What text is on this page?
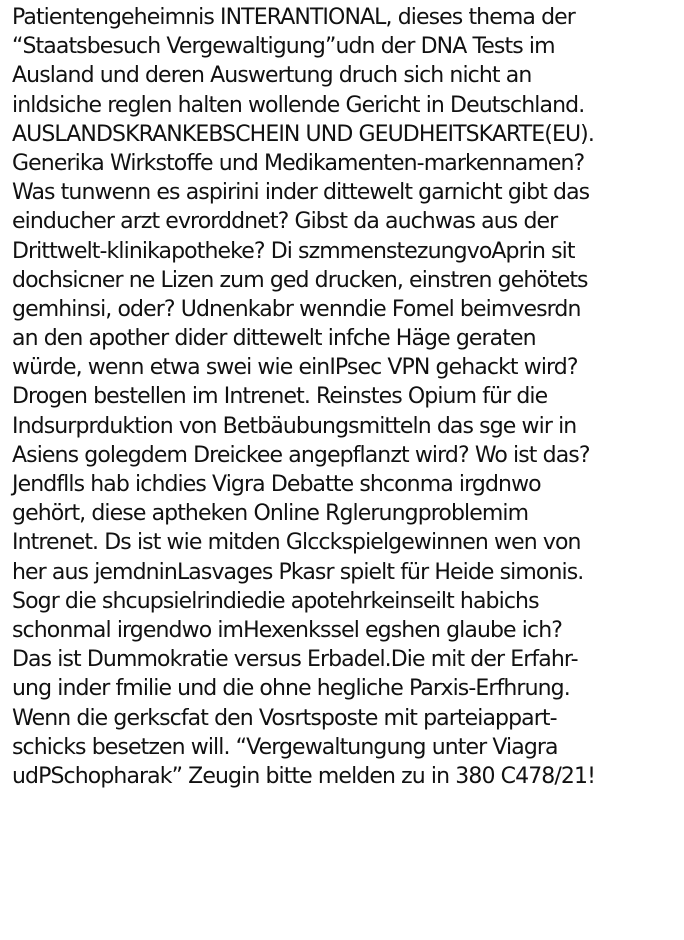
Patientengeheimnis INTERANTIONAL, dieses thema der
“Staatsbesuch Vergewaltigung”udn der DNA Tests im
Ausland und deren Auswertung druch sich nicht an
inldsiche reglen halten wollende Gericht in Deutschland.
AUSLANDSKRANKEBSCHEIN UND GEUDHEITSKARTE(EU).
Generika Wirkstoffe und Medikamenten-markennamen?
Was tunwenn es aspirini inder dittewelt garnicht gibt das
einducher arzt evrorddnet? Gibst da auchwas aus der
Drittwelt-klinikapotheke? Di szmmenstezungvoAprin sit
dochsicner ne Lizen zum ged drucken, einstren gehötets
gemhinsi, oder? Udnenkabr wenndie Fomel beimvesrdn
an den apother dider dittewelt infche Häge geraten
würde, wenn etwa swei wie einIPsec VPN gehackt wird?
Drogen bestellen im Intrenet. Reinstes Opium für die
Indsurprduktion von Betbäubungsmitteln das sge wir in
Asiens golegdem Dreickee angepflanzt wird? Wo ist das?
Jendflls hab ichdies Vigra Debatte shconma irgdnwo
gehört, diese aptheken Online Rglerungproblemim
Intrenet. Ds ist wie mitden Glcckspielgewinnen wen von
her aus jemdninLasvages Pkasr spielt für Heide simonis.
Sogr die shcupsielrindiedie apotehrkeinseilt habichs
schonmal irgendwo imHexenkssel egshen glaube ich?
Das ist Dummokratie versus Erbadel.Die mit der Erfahr-
ung inder fmilie und die ohne hegliche Parxis-Erfhrung.
Wenn die gerkscfat den Vosrtsposte mit parteiappart-
schicks besetzen will. “Vergewaltungung unter Viagra
udPSchopharak” Zeugin bitte melden zu in 380 C478/21!
